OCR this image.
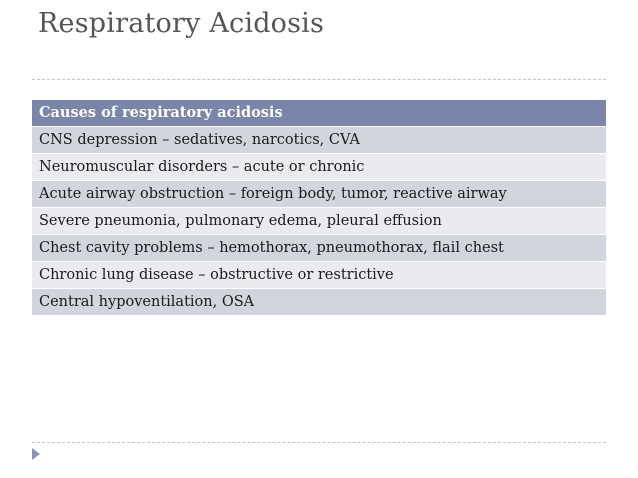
Respiratory Acidosis
Causes of respiratory acidosis
CNS depression – sedatives, narcotics, CVA
Neuromuscular disorders – acute or chronic
Acute airway obstruction – foreign body, tumor, reactive airway
Severe pneumonia, pulmonary edema, pleural effusion
Chest cavity problems – hemothorax, pneumothorax, flail chest
Chronic lung disease – obstructive or restrictive
Central hypoventilation, OSA
